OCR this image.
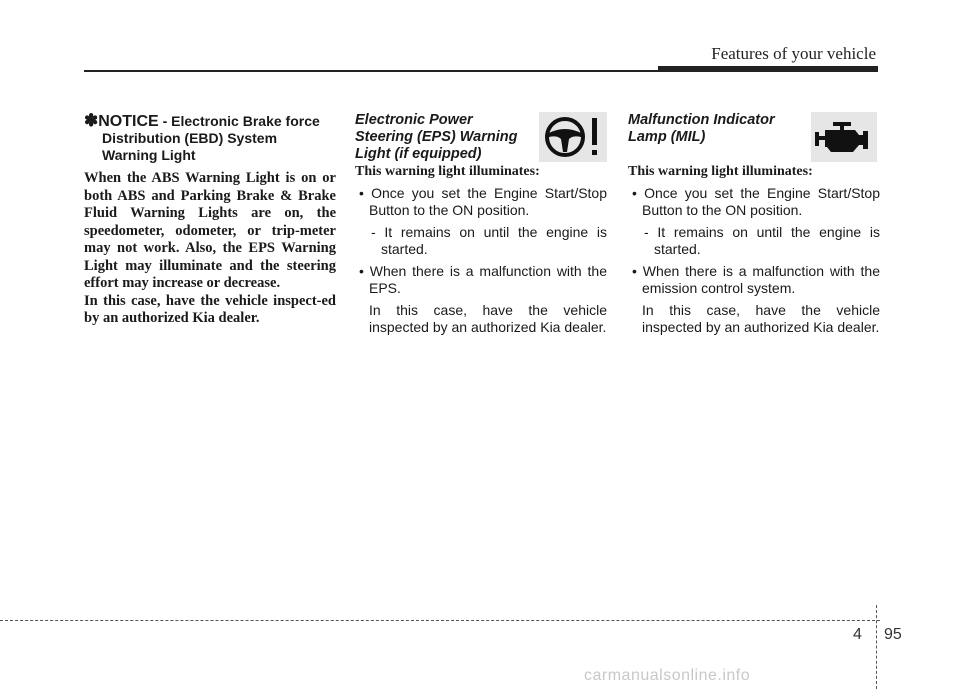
Features of your vehicle
✽NOTICE - Electronic Brake force Distribution (EBD) System Warning Light
When the ABS Warning Light is on or both ABS and Parking Brake & Brake Fluid Warning Lights are on, the speedometer, odometer, or trip-meter may not work. Also, the EPS Warning Light may illuminate and the steering effort may increase or decrease.
In this case, have the vehicle inspect-ed by an authorized Kia dealer.
Electronic Power Steering (EPS) Warning Light (if equipped)
This warning light illuminates:
• Once you set the Engine Start/Stop Button to the ON position.
- It remains on until the engine is started.
• When there is a malfunction with the EPS.
In this case, have the vehicle inspected by an authorized Kia dealer.
Malfunction Indicator Lamp (MIL)
This warning light illuminates:
• Once you set the Engine Start/Stop Button to the ON position.
- It remains on until the engine is started.
• When there is a malfunction with the emission control system.
In this case, have the vehicle inspected by an authorized Kia dealer.
4 95
carmanualsonline.info
